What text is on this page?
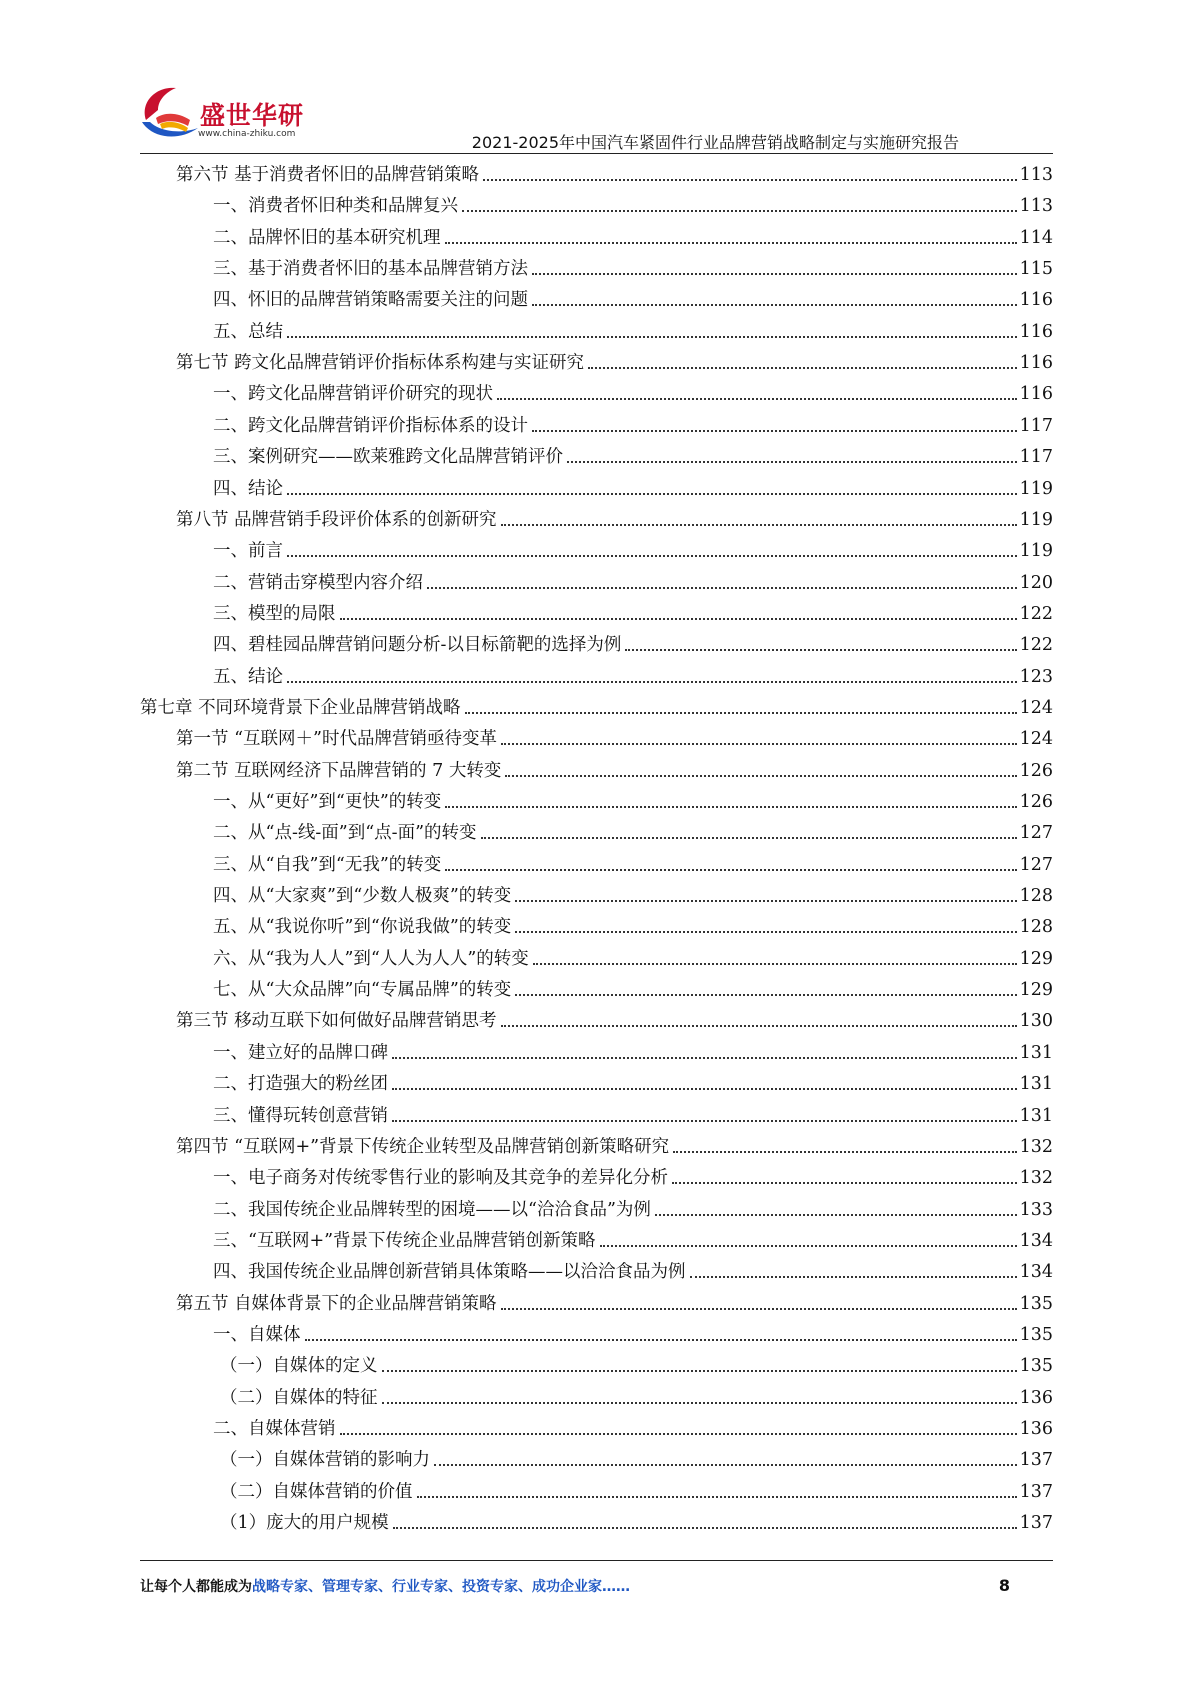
盛世华研
www.china-zhiku.com	2021-2025年中国汽车紧固件行业品牌营销战略制定与实施研究报告
第六节 基于消费者怀旧的品牌营销策略	113
一、消费者怀旧种类和品牌复兴	113
二、品牌怀旧的基本研究机理	114
三、基于消费者怀旧的基本品牌营销方法	115
四、怀旧的品牌营销策略需要关注的问题	116
五、总结	116
第七节 跨文化品牌营销评价指标体系构建与实证研究	116
一、跨文化品牌营销评价研究的现状	116
二、跨文化品牌营销评价指标体系的设计	117
三、案例研究——欧莱雅跨文化品牌营销评价	117
四、结论	119
第八节 品牌营销手段评价体系的创新研究	119
一、前言	119
二、营销击穿模型内容介绍	120
三、模型的局限	122
四、碧桂园品牌营销问题分析-以目标箭靶的选择为例	122
五、结论	123
第七章 不同环境背景下企业品牌营销战略	124
第一节 “互联网＋”时代品牌营销亟待变革	124
第二节 互联网经济下品牌营销的 7 大转变	126
一、从“更好”到“更快”的转变	126
二、从“点-线-面”到“点-面”的转变	127
三、从“自我”到“无我”的转变	127
四、从“大家爽”到“少数人极爽”的转变	128
五、从“我说你听”到“你说我做”的转变	128
六、从“我为人人”到“人人为人人”的转变	129
七、从“大众品牌”向“专属品牌”的转变	129
第三节 移动互联下如何做好品牌营销思考	130
一、建立好的品牌口碑	131
二、打造强大的粉丝团	131
三、懂得玩转创意营销	131
第四节 “互联网+”背景下传统企业转型及品牌营销创新策略研究	132
一、电子商务对传统零售行业的影响及其竞争的差异化分析	132
二、我国传统企业品牌转型的困境——以“洽洽食品”为例	133
三、“互联网+”背景下传统企业品牌营销创新策略	134
四、我国传统企业品牌创新营销具体策略——以洽洽食品为例	134
第五节 自媒体背景下的企业品牌营销策略	135
一、自媒体	135
（一）自媒体的定义	135
（二）自媒体的特征	136
二、自媒体营销	136
（一）自媒体营销的影响力	137
（二）自媒体营销的价值	137
（1）庞大的用户规模	137
让每个人都能成为战略专家、管理专家、行业专家、投资专家、成功企业家……	8
